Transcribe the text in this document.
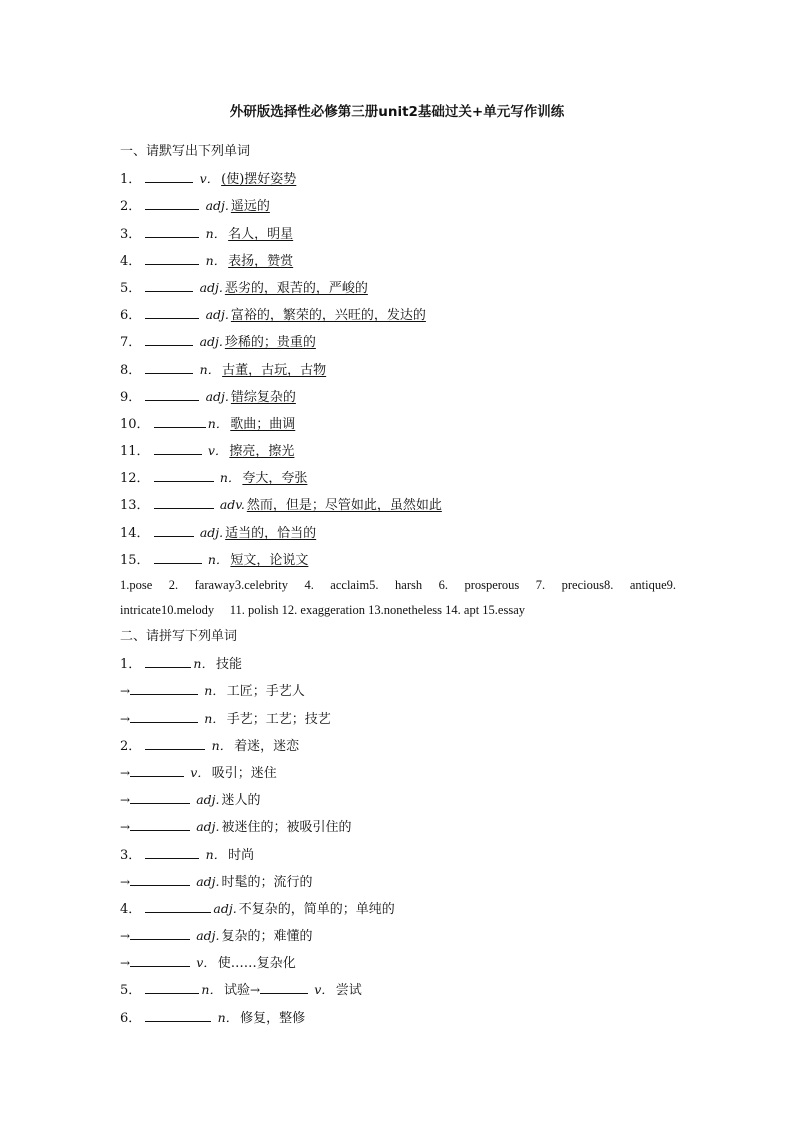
外研版选择性必修第三册unit2基础过关+单元写作训练
一、请默写出下列单词
1．	v． (使)摆好姿势
2．	adj. 遥远的
3．	n． 名人，明星
4．	n． 表扬，赞赏
5．	adj. 恶劣的，艰苦的，严峻的
6．	adj. 富裕的，繁荣的，兴旺的，发达的
7．	adj. 珍稀的；贵重的
8．	n． 古董，古玩，古物
9．	adj. 错综复杂的
10．	n． 歌曲；曲调
11．	v． 擦亮，擦光
12．	n． 夸大，夸张
13．	adv. 然而，但是；尽管如此，虽然如此
14．	adj. 适当的，恰当的
15．	n． 短文，论说文
1.pose 2. faraway3.celebrity 4. acclaim5. harsh 6. prosperous 7. precious8. antique9.
intricate10.melody　 11. polish 12. exaggeration 13.nonetheless 14. apt 15.essay
二、请拼写下列单词
1．	n． 技能
→	n． 工匠；手艺人
→	n． 手艺；工艺；技艺
2．	n． 着迷，迷恋
→	v． 吸引；迷住
→	adj. 迷人的
→	adj. 被迷住的；被吸引住的
3．	n． 时尚
→	adj. 时髦的；流行的
4．	adj. 不复杂的，简单的；单纯的
→	adj. 复杂的；难懂的
→	v． 使……复杂化
5．	n． 试验→	v． 尝试
6．	n． 修复，整修
